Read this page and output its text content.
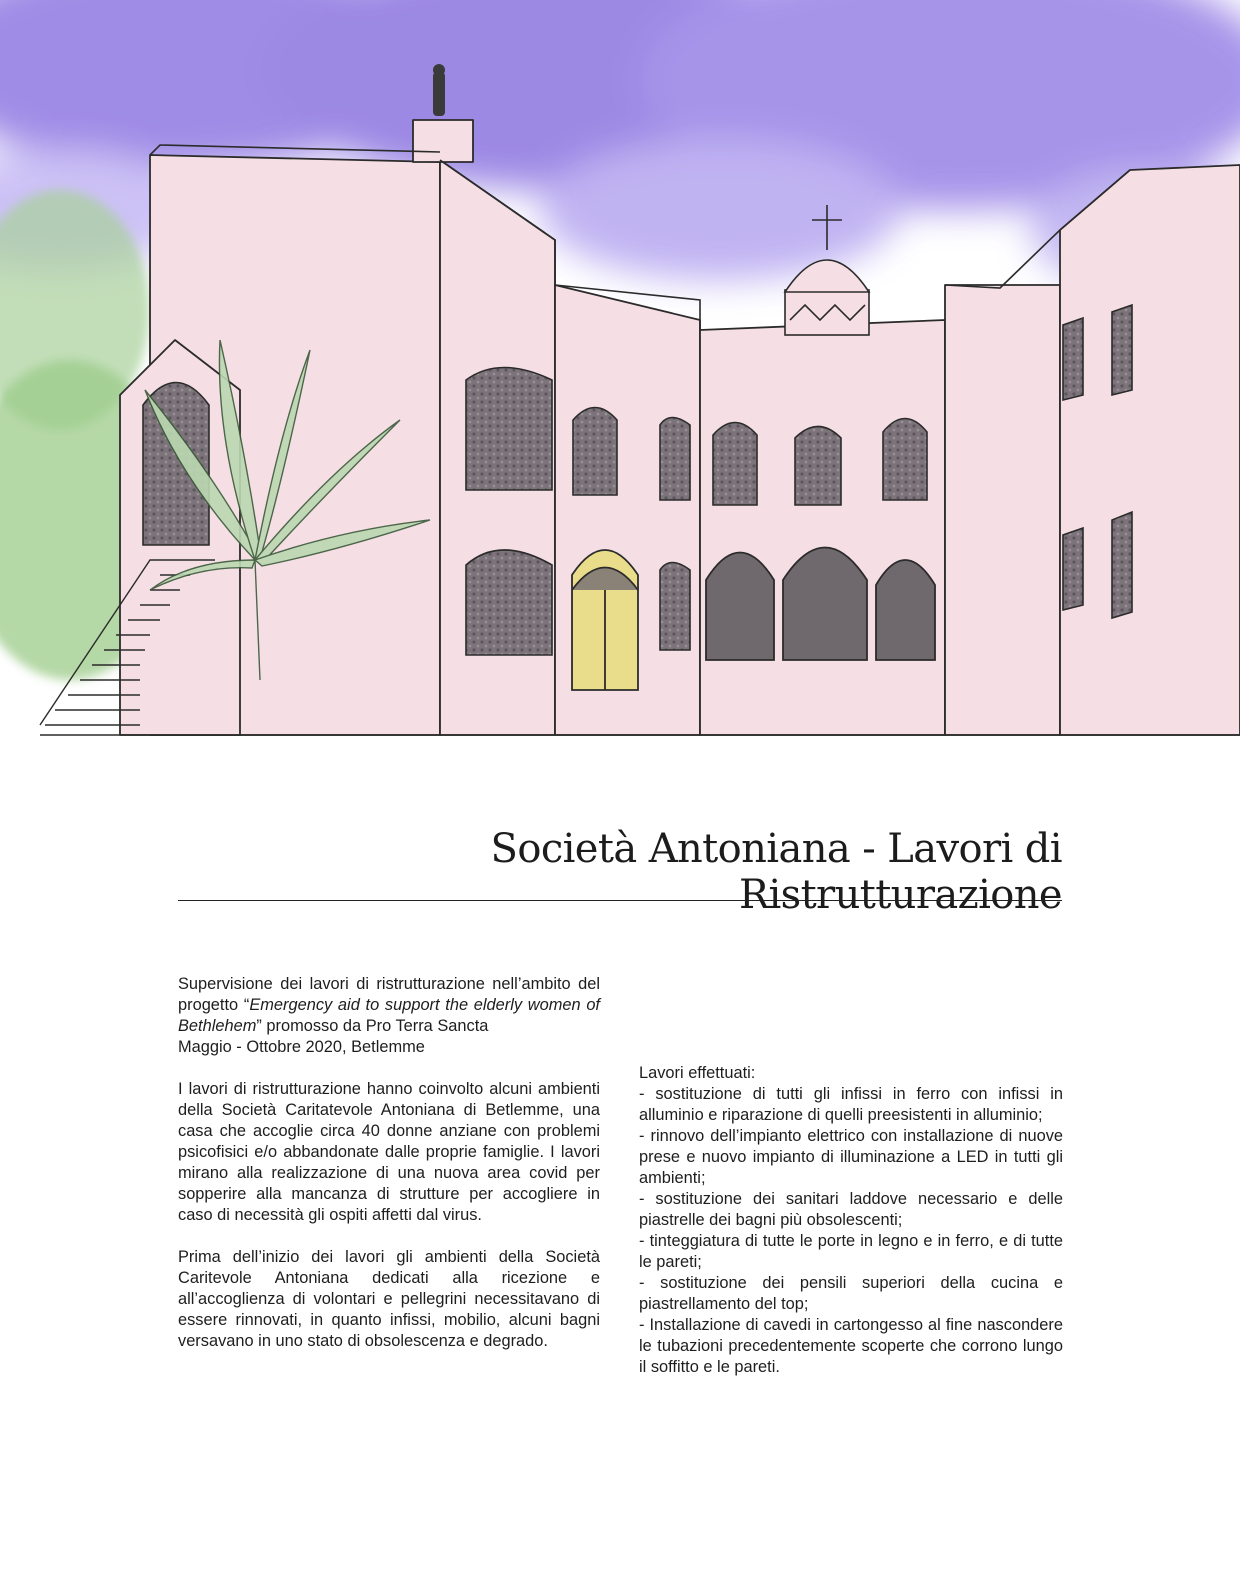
Società Antoniana - Lavori di Ristrutturazione

Supervisione dei lavori di ristrutturazione nell’ambito del progetto “Emergency aid to support the elderly women of Bethlehem” promosso da Pro Terra Sancta
Maggio - Ottobre 2020, Betlemme

I lavori di ristrutturazione hanno coinvolto alcuni ambienti della Società Caritatevole Antoniana di Betlemme, una casa che accoglie circa 40 donne anziane con problemi psicofisici e/o abbandonate dalle proprie famiglie. I lavori mirano alla realizzazione di una nuova area covid per sopperire alla mancanza di strutture per accogliere in caso di necessità gli ospiti affetti dal virus.

Prima dell’inizio dei lavori gli ambienti della Società Caritevole Antoniana dedicati alla ricezione e all’accoglienza di volontari e pellegrini necessitavano di essere rinnovati, in quanto infissi, mobilio, alcuni bagni versavano in uno stato di obsolescenza e degrado.

Lavori effettuati:

- sostituzione di tutti gli infissi in ferro con infissi in alluminio e riparazione di quelli preesistenti in alluminio;

- rinnovo dell’impianto elettrico con installazione di nuove prese e nuovo impianto di illuminazione a LED in tutti gli ambienti;

- sostituzione dei sanitari laddove necessario e delle piastrelle dei bagni più obsolescenti;

- tinteggiatura di tutte le porte in legno e in ferro, e di tutte le pareti;

- sostituzione dei pensili superiori della cucina e piastrellamento del top;

- Installazione di cavedi in cartongesso al fine nascondere le tubazioni precedentemente scoperte che corrono lungo il soffitto e le pareti.
